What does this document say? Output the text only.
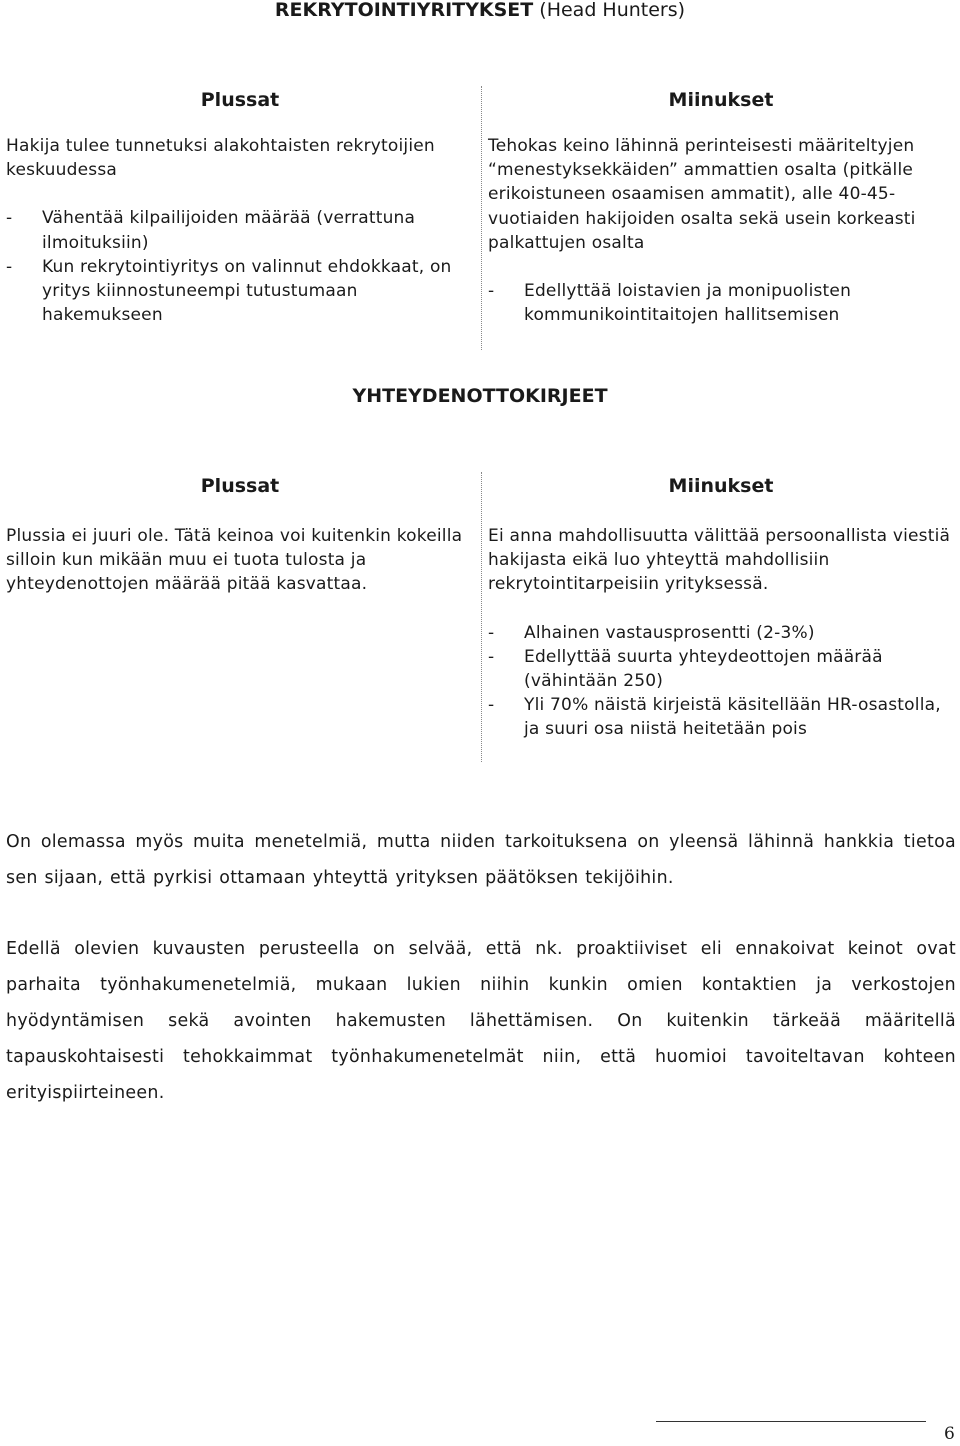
REKRYTOINTIYRITYKSET (Head Hunters)
Plussat	Miinukset
Hakija tulee tunnetuksi alakohtaisten rekrytoijien keskuudessa
- Vähentää kilpailijoiden määrää (verrattuna ilmoituksiin)
- Kun rekrytointiyritys on valinnut ehdokkaat, on yritys kiinnostuneempi tutustumaan hakemukseen
Tehokas keino lähinnä perinteisesti määriteltyjen “menestyksekkäiden” ammattien osalta (pitkälle erikoistuneen osaamisen ammatit), alle 40-45-vuotiaiden hakijoiden osalta sekä usein korkeasti palkattujen osalta
- Edellyttää loistavien ja monipuolisten kommunikointitaitojen hallitsemisen
YHTEYDENOTTOKIRJEET
Plussat	Miinukset
Plussia ei juuri ole. Tätä keinoa voi kuitenkin kokeilla silloin kun mikään muu ei tuota tulosta ja yhteydenottojen määrää pitää kasvattaa.
Ei anna mahdollisuutta välittää persoonallista viestiä hakijasta eikä luo yhteyttä mahdollisiin rekrytointitarpeisiin yrityksessä.
- Alhainen vastausprosentti (2-3%)
- Edellyttää suurta yhteydeottojen määrää (vähintään 250)
- Yli 70% näistä kirjeistä käsitellään HR-osastolla, ja suuri osa niistä heitetään pois
On olemassa myös muita menetelmiä, mutta niiden tarkoituksena on yleensä lähinnä hankkia tietoa sen sijaan, että pyrkisi ottamaan yhteyttä yrityksen päätöksen tekijöihin.
Edellä olevien kuvausten perusteella on selvää, että nk. proaktiiviset eli ennakoivat keinot ovat parhaita työnhakumenetelmiä, mukaan lukien niihin kunkin omien kontaktien ja verkostojen hyödyntämisen sekä avointen hakemusten lähettämisen. On kuitenkin tärkeää määritellä tapauskohtaisesti tehokkaimmat työnhakumenetelmät niin, että huomioi tavoiteltavan kohteen erityispiirteineen.
6
